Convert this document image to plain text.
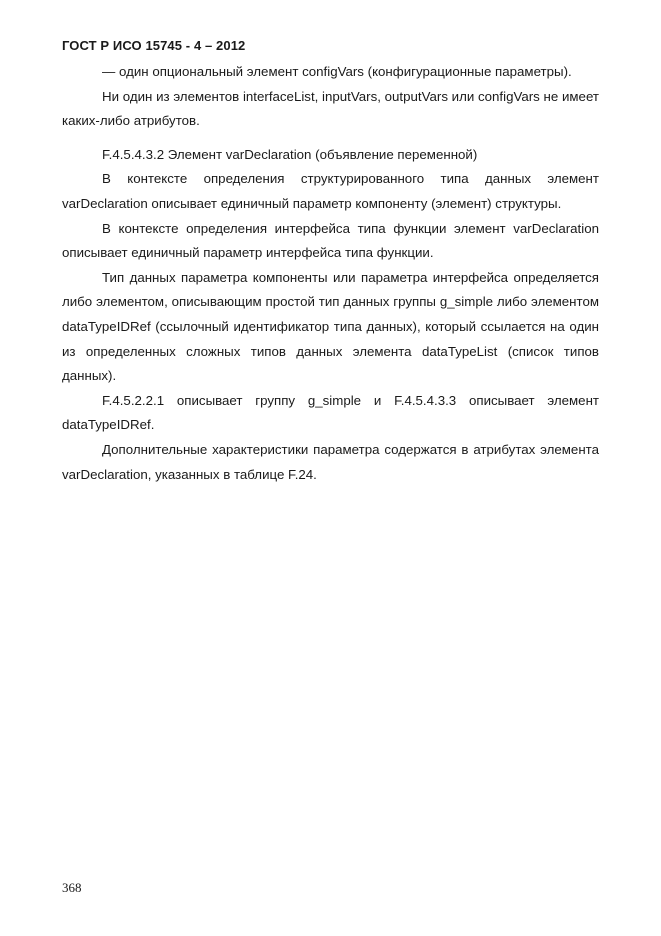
ГОСТ Р ИСО 15745 - 4 – 2012

— один опциональный элемент configVars (конфигурационные параметры).

Ни один из элементов interfaceList, inputVars, outputVars или configVars не имеет каких-либо атрибутов.

F.4.5.4.3.2 Элемент varDeclaration (объявление переменной)

В контексте определения структурированного типа данных элемент varDeclaration описывает единичный параметр компоненту (элемент) структуры.

В контексте определения интерфейса типа функции элемент varDeclaration описывает единичный параметр интерфейса типа функции.

Тип данных параметра компоненты или параметра интерфейса определяется либо элементом, описывающим простой тип данных группы g_simple либо элементом dataTypeIDRef (ссылочный идентификатор типа данных), который ссылается на один из определенных сложных типов данных элемента dataTypeList (список типов данных).

F.4.5.2.2.1 описывает группу g_simple и F.4.5.4.3.3 описывает элемент dataTypeIDRef.

Дополнительные характеристики параметра содержатся в атрибутах элемента varDeclaration, указанных в таблице F.24.

368
